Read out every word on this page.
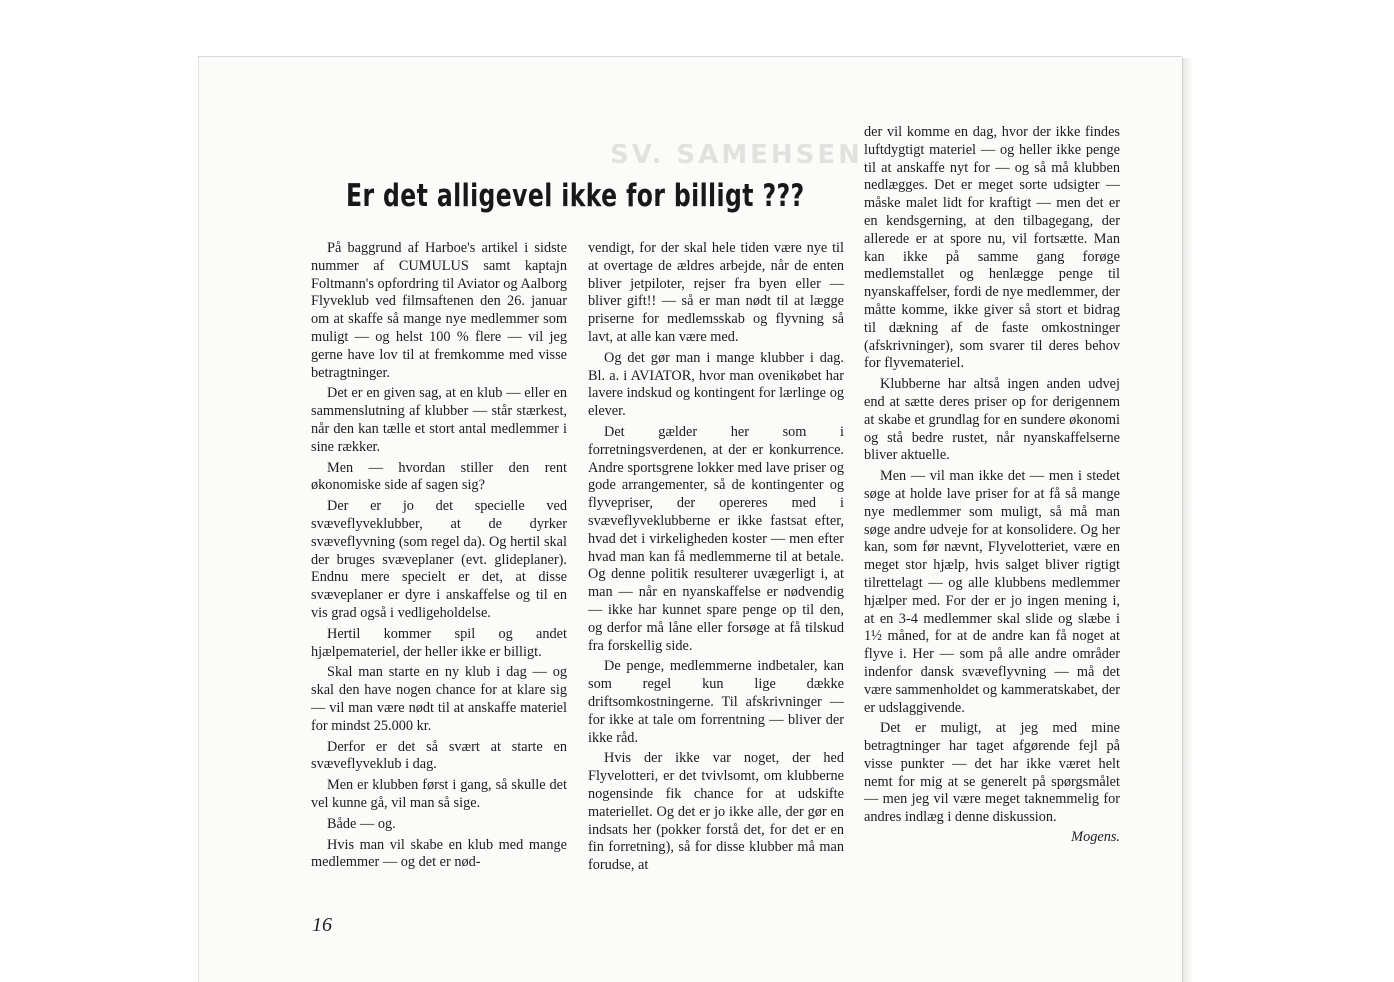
SV. SAMEHSEN
Er det alligevel ikke for billigt ???

På baggrund af Harboe's artikel i sidste nummer af CUMULUS samt kaptajn Foltmann's opfordring til Aviator og Aalborg Flyveklub ved filmsaftenen den 26. januar om at skaffe så mange nye medlemmer som muligt — og helst 100 % flere — vil jeg gerne have lov til at fremkomme med visse betragtninger.

Det er en given sag, at en klub — eller en sammenslutning af klubber — står stærkest, når den kan tælle et stort antal medlemmer i sine rækker.

Men — hvordan stiller den rent økonomiske side af sagen sig?

Der er jo det specielle ved svæveflyveklubber, at de dyrker svæveflyvning (som regel da). Og hertil skal der bruges svæveplaner (evt. glideplaner). Endnu mere specielt er det, at disse svæveplaner er dyre i anskaffelse og til en vis grad også i vedligeholdelse.

Hertil kommer spil og andet hjælpemateriel, der heller ikke er billigt.

Skal man starte en ny klub i dag — og skal den have nogen chance for at klare sig — vil man være nødt til at anskaffe materiel for mindst 25.000 kr.

Derfor er det så svært at starte en svæveflyveklub i dag.

Men er klubben først i gang, så skulle det vel kunne gå, vil man så sige.

Både — og.

Hvis man vil skabe en klub med mange medlemmer — og det er nød-

vendigt, for der skal hele tiden være nye til at overtage de ældres arbejde, når de enten bliver jetpiloter, rejser fra byen eller — bliver gift!! — så er man nødt til at lægge priserne for medlemsskab og flyvning så lavt, at alle kan være med.

Og det gør man i mange klubber i dag. Bl. a. i AVIATOR, hvor man ovenikøbet har lavere indskud og kontingent for lærlinge og elever.

Det gælder her som i forretningsverdenen, at der er konkurrence. Andre sportsgrene lokker med lave priser og gode arrangementer, så de kontingenter og flyvepriser, der opereres med i svæveflyveklubberne er ikke fastsat efter, hvad det i virkeligheden koster — men efter hvad man kan få medlemmerne til at betale. Og denne politik resulterer uvægerligt i, at man — når en nyanskaffelse er nødvendig — ikke har kunnet spare penge op til den, og derfor må låne eller forsøge at få tilskud fra forskellig side.

De penge, medlemmerne indbetaler, kan som regel kun lige dække driftsomkostningerne. Til afskrivninger — for ikke at tale om forrentning — bliver der ikke råd.

Hvis der ikke var noget, der hed Flyvelotteri, er det tvivlsomt, om klubberne nogensinde fik chance for at udskifte materiellet. Og det er jo ikke alle, der gør en indsats her (pokker forstå det, for det er en fin forretning), så for disse klubber må man forudse, at

der vil komme en dag, hvor der ikke findes luftdygtigt materiel — og heller ikke penge til at anskaffe nyt for — og så må klubben nedlægges. Det er meget sorte udsigter — måske malet lidt for kraftigt — men det er en kendsgerning, at den tilbagegang, der allerede er at spore nu, vil fortsætte. Man kan ikke på samme gang forøge medlemstallet og henlægge penge til nyanskaffelser, fordi de nye medlemmer, der måtte komme, ikke giver så stort et bidrag til dækning af de faste omkostninger (afskrivninger), som svarer til deres behov for flyvemateriel.

Klubberne har altså ingen anden udvej end at sætte deres priser op for derigennem at skabe et grundlag for en sundere økonomi og stå bedre rustet, når nyanskaffelserne bliver aktuelle.

Men — vil man ikke det — men i stedet søge at holde lave priser for at få så mange nye medlemmer som muligt, så må man søge andre udveje for at konsolidere. Og her kan, som før nævnt, Flyvelotteriet, være en meget stor hjælp, hvis salget bliver rigtigt tilrettelagt — og alle klubbens medlemmer hjælper med. For der er jo ingen mening i, at en 3-4 medlemmer skal slide og slæbe i 1½ måned, for at de andre kan få noget at flyve i. Her — som på alle andre områder indenfor dansk svæveflyvning — må det være sammenholdet og kammeratskabet, der er udslaggivende.

Det er muligt, at jeg med mine betragtninger har taget afgørende fejl på visse punkter — det har ikke været helt nemt for mig at se generelt på spørgsmålet — men jeg vil være meget taknemmelig for andres indlæg i denne diskussion.

Mogens.
16
